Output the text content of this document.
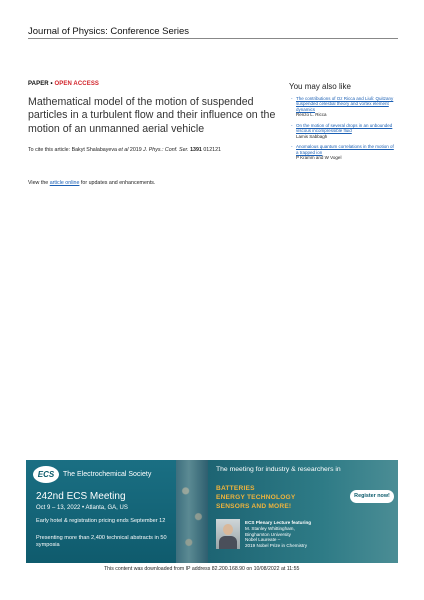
Journal of Physics: Conference Series
PAPER • OPEN ACCESS
Mathematical model of the motion of suspended particles in a turbulent flow and their influence on the motion of an unmanned aerial vehicle
To cite this article: Bakyt Shalabayeva et al 2019 J. Phys.: Conf. Ser. 1391 012121
View the article online for updates and enhancements.
You may also like
- The contributions of Oz Ricca and Liuli: Quitzany suspended celestial theory and vortex element dynamics
Renzo L. Ricca
- On the motion of several drops in an unbounded viscous incompressible fluid
Lamis Sabbagh
- Anomalous quantum correlations in the motion of a trapped ion
P Kramm and W Vogel
ECS	The Electrochemical Society
242nd ECS Meeting
Oct 9 – 13, 2022 • Atlanta, GA, US
Early hotel & registration pricing ends September 12
Presenting more than 2,400 technical abstracts in 50 symposia
The meeting for industry & researchers in
BATTERIES
ENERGY TECHNOLOGY
SENSORS AND MORE!
Register now!
ECS Plenary Lecture featuring
M. Stanley Whittingham,
Binghamton University
Nobel Laureate –
2019 Nobel Prize in Chemistry
This content was downloaded from IP address 82.200.168.90 on 10/08/2022 at 11:55
